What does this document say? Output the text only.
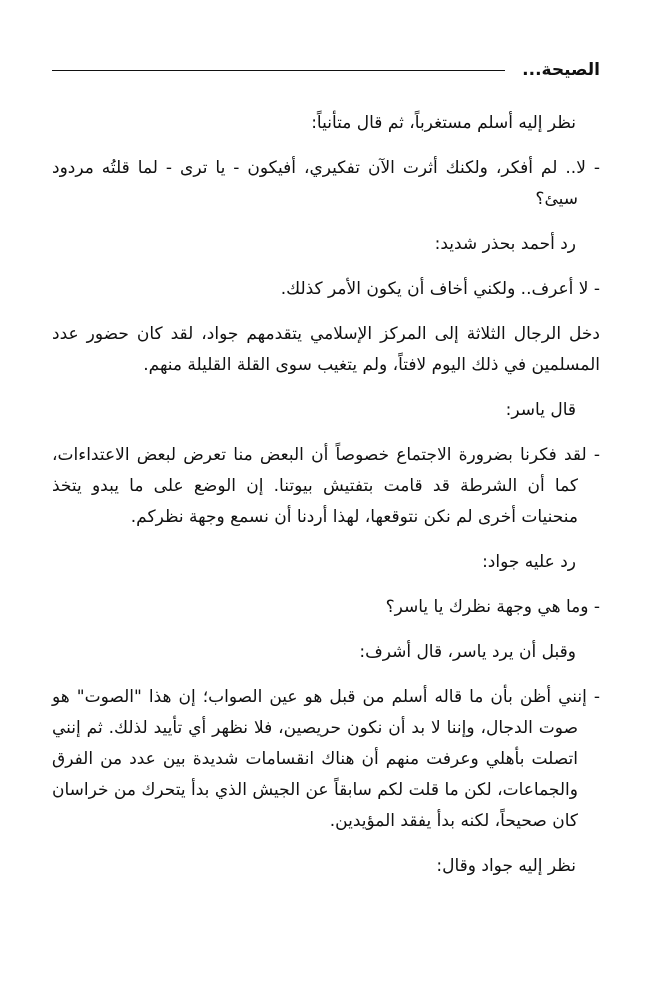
الصيحة...

نظر إليه أسلم مستغرباً، ثم قال متأنياً:

- لا.. لم أفكر، ولكنك أثرت الآن تفكيري، أفيكون - يا ترى - لما قلتُه مردود سيئ؟

رد أحمد بحذر شديد:

- لا أعرف.. ولكني أخاف أن يكون الأمر كذلك.

دخل الرجال الثلاثة إلى المركز الإسلامي يتقدمهم جواد، لقد كان حضور عدد المسلمين في ذلك اليوم لافتاً، ولم يتغيب سوى القلة القليلة منهم.

قال ياسر:

- لقد فكرنا بضرورة الاجتماع خصوصاً أن البعض منا تعرض لبعض الاعتداءات، كما أن الشرطة قد قامت بتفتيش بيوتنا. إن الوضع على ما يبدو يتخذ منحنيات أخرى لم نكن نتوقعها، لهذا أردنا أن نسمع وجهة نظركم.

رد عليه جواد:

- وما هي وجهة نظرك يا ياسر؟

وقبل أن يرد ياسر، قال أشرف:

- إنني أظن بأن ما قاله أسلم من قبل هو عين الصواب؛ إن هذا "الصوت" هو صوت الدجال، وإننا لا بد أن نكون حريصين، فلا نظهر أي تأييد لذلك. ثم إنني اتصلت بأهلي وعرفت منهم أن هناك انقسامات شديدة بين عدد من الفرق والجماعات، لكن ما قلت لكم سابقاً عن الجيش الذي بدأ يتحرك من خراسان كان صحيحاً، لكنه بدأ يفقد المؤيدين.

نظر إليه جواد وقال:
